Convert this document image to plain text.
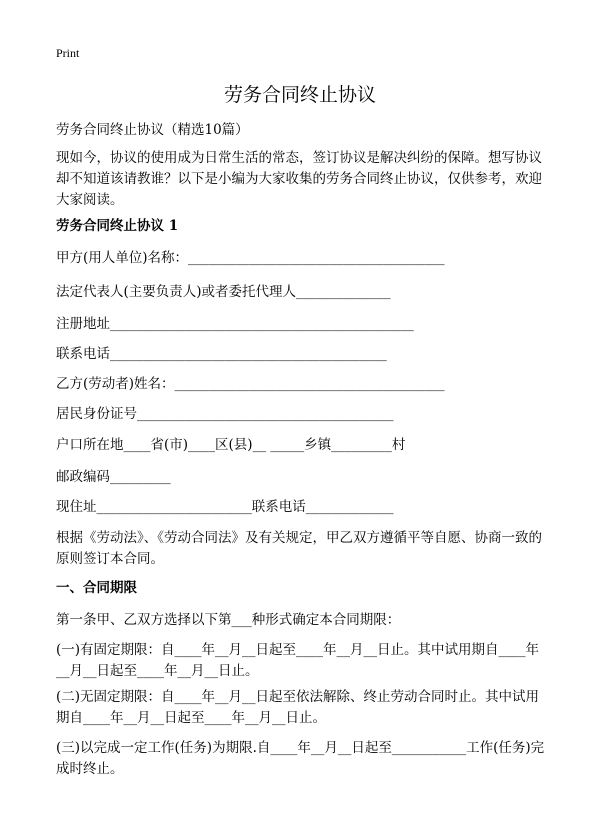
Print
劳务合同终止协议
劳务合同终止协议（精选10篇）
现如今，协议的使用成为日常生活的常态，签订协议是解决纠纷的保障。想写协议却不知道该请教谁？以下是小编为大家收集的劳务合同终止协议，仅供参考，欢迎大家阅读。
劳务合同终止协议 1
甲方(用人单位)名称：______________________________________
法定代表人(主要负责人)或者委托代理人______________
注册地址_____________________________________________
联系电话_________________________________________
乙方(劳动者)姓名：________________________________________
居民身份证号______________________________________
户口所在地____省(市)____区(县)__ _____乡镇_________村
邮政编码_________
现住址_______________________联系电话_____________
根据《劳动法》、《劳动合同法》及有关规定，甲乙双方遵循平等自愿、协商一致的原则签订本合同。
一、合同期限
第一条甲、乙双方选择以下第___种形式确定本合同期限：
(一)有固定期限：自____年__月__日起至____年__月__日止。其中试用期自____年__月__日起至____年__月__日止。
(二)无固定期限：自____年__月__日起至依法解除、终止劳动合同时止。其中试用期自____年__月__日起至____年__月__日止。
(三)以完成一定工作(任务)为期限.自____年__月__日起至___________工作(任务)完成时终止。
